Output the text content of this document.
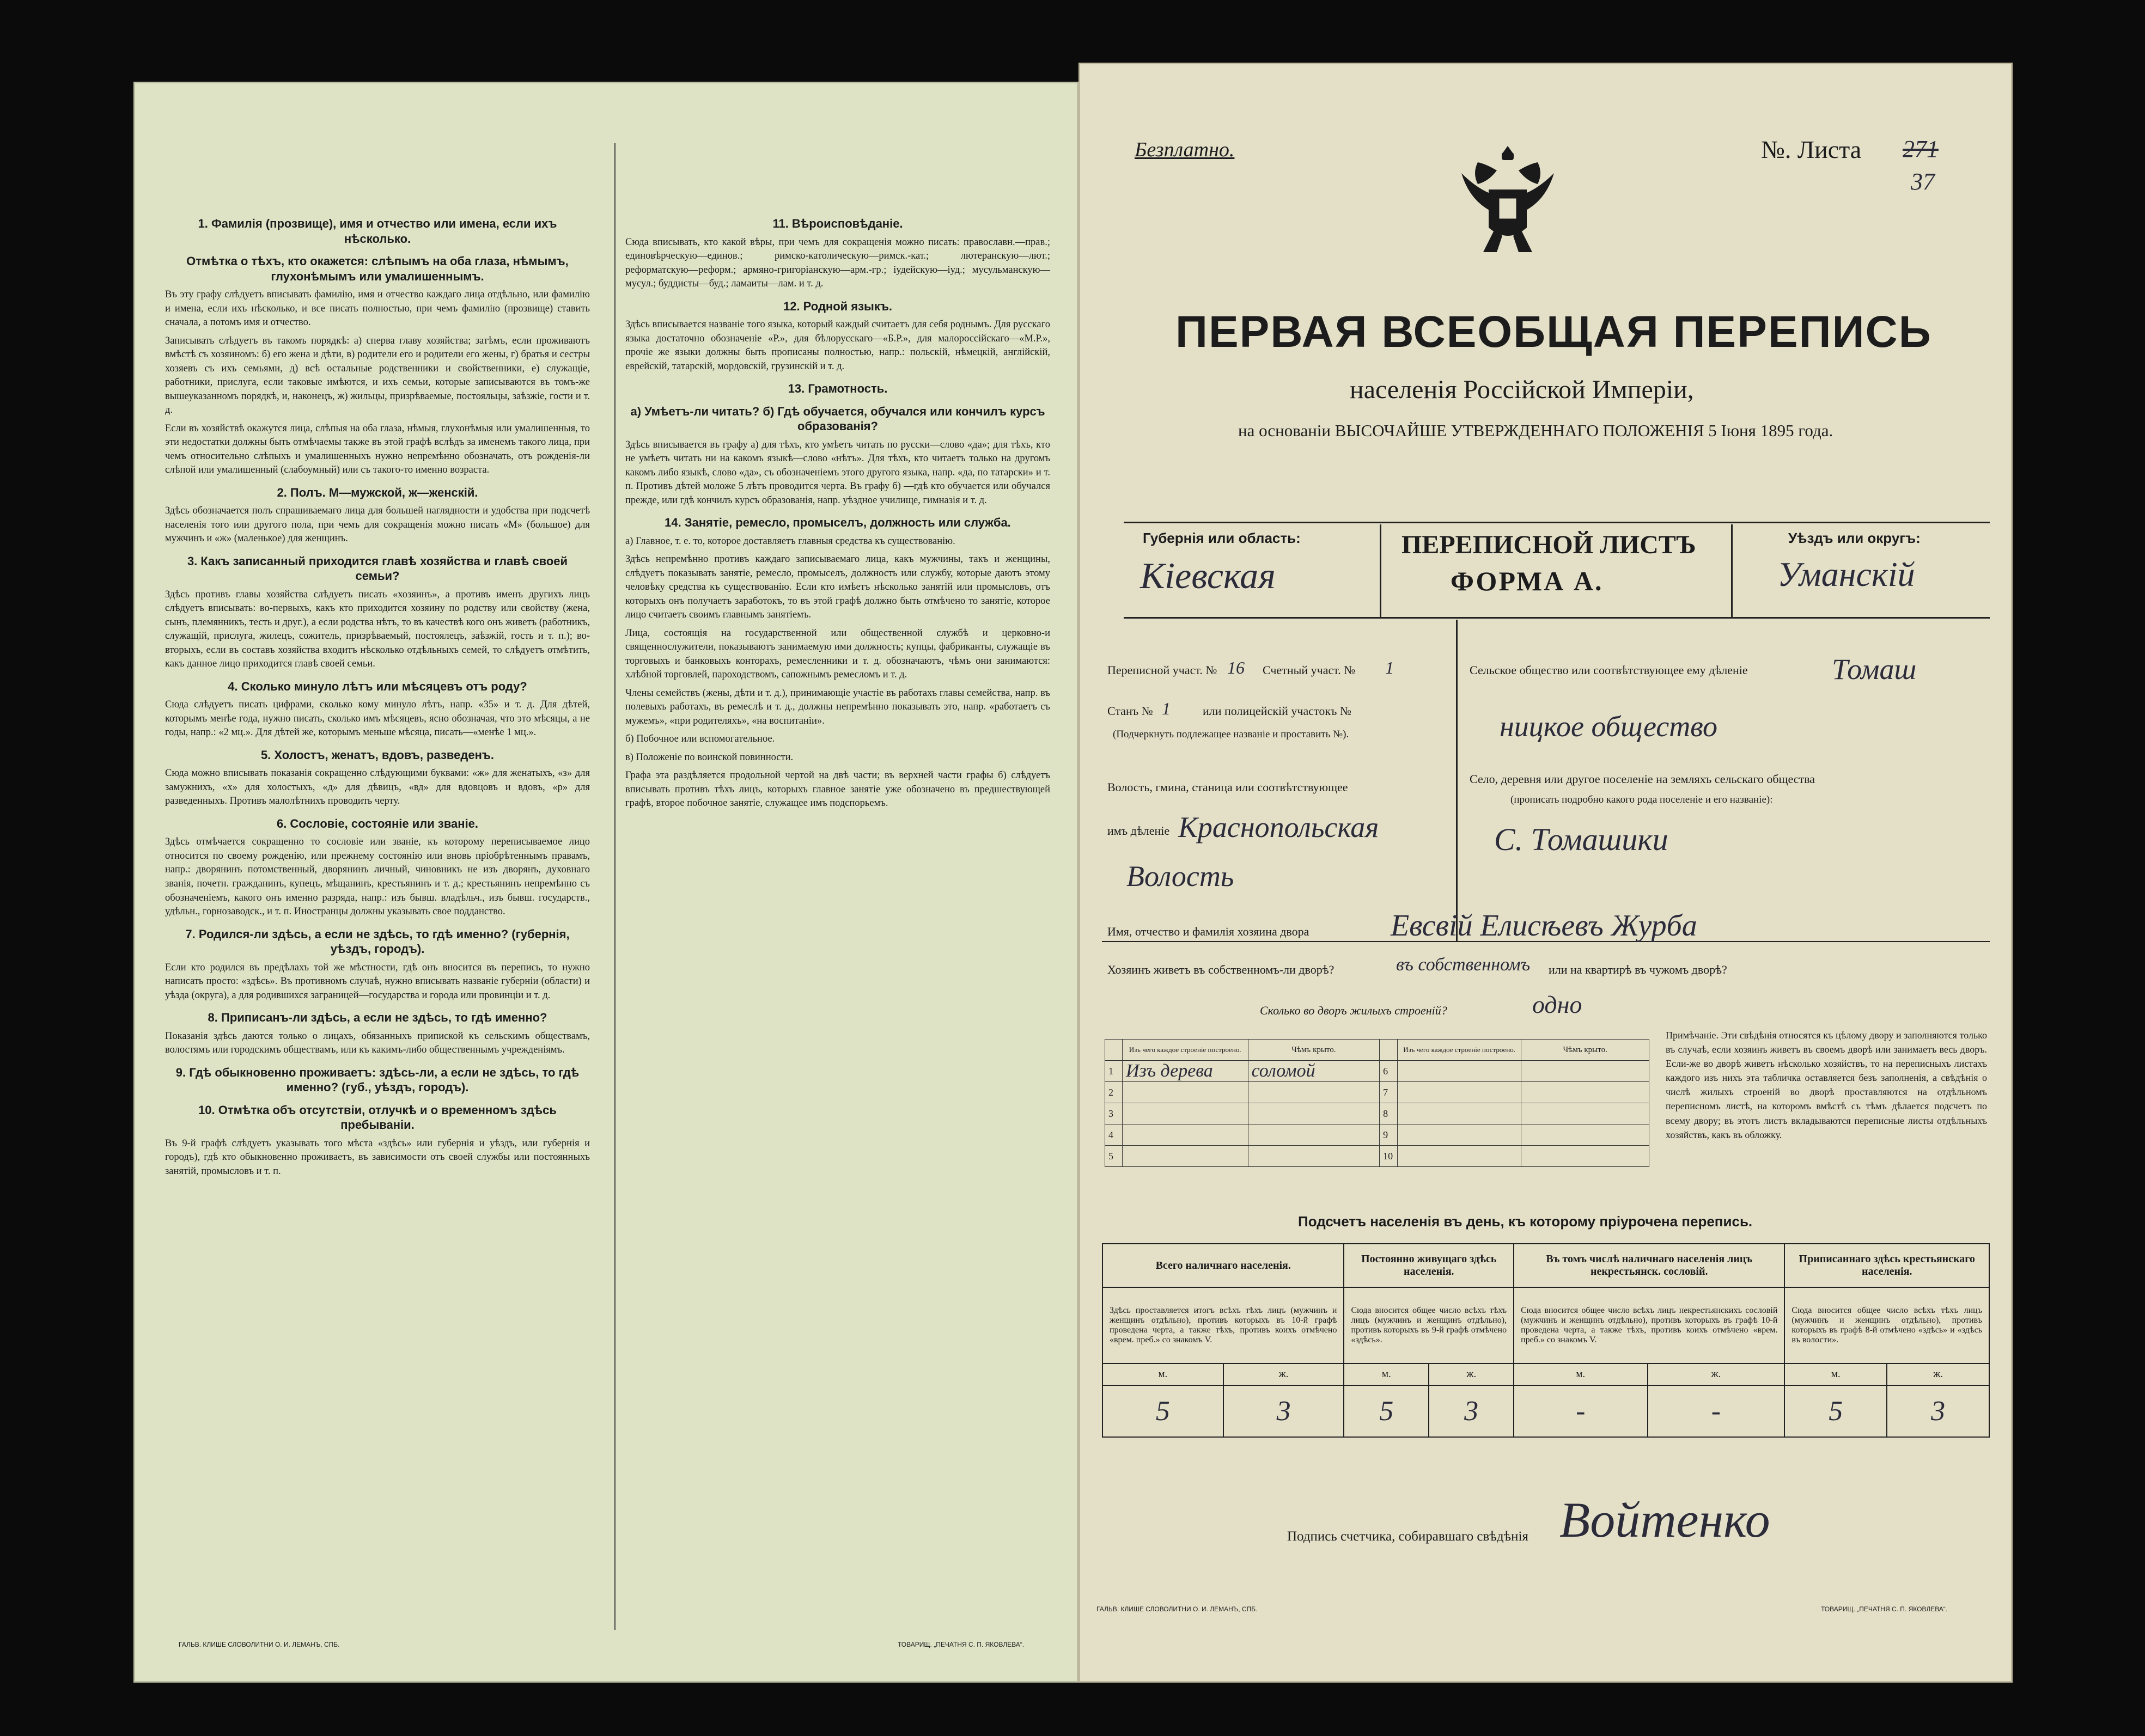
1. Фамилія (прозвище), имя и отчество или имена, если ихъ нѣсколько.
Отмѣтка о тѣхъ, кто окажется: слѣпымъ на оба глаза, нѣмымъ, глухонѣмымъ или умалишеннымъ.
Въ эту графу слѣдуетъ вписывать фамилію, имя и отчество каждаго лица отдѣльно, или фамилію и имена, если ихъ нѣсколько, и все писать полностью, при чемъ фамилію (прозвище) ставить сначала, а потомъ имя и отчество.
Записывать слѣдуетъ въ такомъ порядкѣ: а) сперва главу хозяйства; затѣмъ, если проживаютъ вмѣстѣ съ хозяиномъ: б) его жена и дѣти, в) родители его и родители его жены, г) братья и сестры хозяевъ съ ихъ семьями, д) всѣ остальные родственники и свойственники, е) служащіе, работники, прислуга, если таковые имѣются, и ихъ семьи, которые записываются въ томъ-же вышеуказанномъ порядкѣ, и, наконецъ, ж) жильцы, призрѣваемые, постояльцы, заѣзжіе, гости и т. д.
Если въ хозяйствѣ окажутся лица, слѣпыя на оба глаза, нѣмыя, глухонѣмыя или умалишенныя, то эти недостатки должны быть отмѣчаемы также въ этой графѣ вслѣдъ за именемъ такого лица, при чемъ относительно слѣпыхъ и умалишенныхъ нужно непремѣнно обозначать, отъ рожденія-ли слѣпой или умалишенный (слабоумный) или съ такого-то именно возраста.
2. Полъ. М—мужской, ж—женскій.
Здѣсь обозначается полъ спрашиваемаго лица для большей наглядности и удобства при подсчетѣ населенія того или другого пола, при чемъ для сокращенія можно писать «М» (большое) для мужчинъ и «ж» (маленькое) для женщинъ.
3. Какъ записанный приходится главѣ хозяйства и главѣ своей семьи?
Здѣсь противъ главы хозяйства слѣдуетъ писать «хозяинъ», а противъ именъ другихъ лицъ слѣдуетъ вписывать: во-первыхъ, какъ кто приходится хозяину по родству или свойству (жена, сынъ, племянникъ, тесть и друг.), а если родства нѣтъ, то въ качествѣ кого онъ живетъ (работникъ, служащій, прислуга, жилецъ, сожитель, призрѣваемый, постоялецъ, заѣзжій, гость и т. п.); во-вторыхъ, если въ составъ хозяйства входитъ нѣсколько отдѣльныхъ семей, то слѣдуетъ отмѣтить, какъ данное лицо приходится главѣ своей семьи.
4. Сколько минуло лѣтъ или мѣсяцевъ отъ роду?
Сюда слѣдуетъ писать цифрами, сколько кому минуло лѣтъ, напр. «35» и т. д. Для дѣтей, которымъ менѣе года, нужно писать, сколько имъ мѣсяцевъ, ясно обозначая, что это мѣсяцы, а не годы, напр.: «2 мц.». Для дѣтей же, которымъ меньше мѣсяца, писать—«менѣе 1 мц.».
5. Холостъ, женатъ, вдовъ, разведенъ.
Сюда можно вписывать показанія сокращенно слѣдующими буквами: «ж» для женатыхъ, «з» для замужнихъ, «х» для холостыхъ, «д» для дѣвицъ, «вд» для вдовцовъ и вдовъ, «р» для разведенныхъ. Противъ малолѣтнихъ проводить черту.
6. Сословіе, состояніе или званіе.
Здѣсь отмѣчается сокращенно то сословіе или званіе, къ которому переписываемое лицо относится по своему рожденію, или прежнему состоянію или вновь пріобрѣтеннымъ правамъ, напр.: дворянинъ потомственный, дворянинъ личный, чиновникъ не изъ дворянъ, духовнаго званія, почетн. гражданинъ, купецъ, мѣщанинъ, крестьянинъ и т. д.; крестьянинъ непремѣнно съ обозначеніемъ, какого онъ именно разряда, напр.: изъ бывш. владѣльч., изъ бывш. государств., удѣльн., горнозаводск., и т. п. Иностранцы должны указывать свое подданство.
7. Родился-ли здѣсь, а если не здѣсь, то гдѣ именно? (губернія, уѣздъ, городъ).
Если кто родился въ предѣлахъ той же мѣстности, гдѣ онъ вносится въ перепись, то нужно написать просто: «здѣсь». Въ противномъ случаѣ, нужно вписывать названіе губерніи (области) и уѣзда (округа), а для родившихся заграницей—государства и города или провинціи и т. д.
8. Приписанъ-ли здѣсь, а если не здѣсь, то гдѣ именно?
Показанія здѣсь даются только о лицахъ, обязанныхъ припиской къ сельскимъ обществамъ, волостямъ или городскимъ обществамъ, или къ какимъ-либо общественнымъ учрежденіямъ.
9. Гдѣ обыкновенно проживаетъ: здѣсь-ли, а если не здѣсь, то гдѣ именно? (губ., уѣздъ, городъ).
10. Отмѣтка объ отсутствіи, отлучкѣ и о временномъ здѣсь пребываніи.
Въ 9-й графѣ слѣдуетъ указывать того мѣста «здѣсь» или губернія и уѣздъ, или губернія и городъ), гдѣ кто обыкновенно проживаетъ, въ зависимости отъ своей службы или постоянныхъ занятій, промысловъ и т. п.
11. Вѣроисповѣданіе.
Сюда вписывать, кто какой вѣры, при чемъ для сокращенія можно писать: православн.—прав.; единовѣрческую—единов.; римско-католическую—римск.-кат.; лютеранскую—лют.; реформатскую—реформ.; армяно-григоріанскую—арм.-гр.; іудейскую—іуд.; мусульманскую—мусул.; буддисты—буд.; ламаиты—лам. и т. д.
12. Родной языкъ.
Здѣсь вписывается названіе того языка, который каждый считаетъ для себя роднымъ. Для русскаго языка достаточно обозначеніе «Р.», для бѣлорусскаго—«Б.Р.», для малороссійскаго—«М.Р.», прочіе же языки должны быть прописаны полностью, напр.: польскій, нѣмецкій, англійскій, еврейскій, татарскій, мордовскій, грузинскій и т. д.
13. Грамотность.
а) Умѣетъ-ли читать? б) Гдѣ обучается, обучался или кончилъ курсъ образованія?
Здѣсь вписывается въ графу а) для тѣхъ, кто умѣетъ читать по русски—слово «да»; для тѣхъ, кто не умѣетъ читать ни на какомъ языкѣ—слово «нѣтъ». Для тѣхъ, кто читаетъ только на другомъ какомъ либо языкѣ, слово «да», съ обозначеніемъ этого другого языка, напр. «да, по татарски» и т. п. Противъ дѣтей моложе 5 лѣтъ проводится черта. Въ графу б) —гдѣ кто обучается или обучался прежде, или гдѣ кончилъ курсъ образованія, напр. уѣздное училище, гимназія и т. д.
14. Занятіе, ремесло, промыселъ, должность или служба.
а) Главное, т. е. то, которое доставляетъ главныя средства къ существованію.
Здѣсь непремѣнно противъ каждаго записываемаго лица, какъ мужчины, такъ и женщины, слѣдуетъ показывать занятіе, ремесло, промыселъ, должность или службу, которые даютъ этому человѣку средства къ существованію. Если кто имѣетъ нѣсколько занятій или промысловъ, отъ которыхъ онъ получаетъ заработокъ, то въ этой графѣ должно быть отмѣчено то занятіе, которое лицо считаетъ своимъ главнымъ занятіемъ.
Лица, состоящія на государственной или общественной службѣ и церковно-и священнослужители, показываютъ занимаемую ими должность; купцы, фабриканты, служащіе въ торговыхъ и банковыхъ конторахъ, ремесленники и т. д. обозначаютъ, чѣмъ они занимаются: хлѣбной торговлей, пароходствомъ, сапожнымъ ремесломъ и т. д.
Члены семействъ (жены, дѣти и т. д.), принимающіе участіе въ работахъ главы семейства, напр. въ полевыхъ работахъ, въ ремеслѣ и т. д., должны непремѣнно показывать это, напр. «работаетъ съ мужемъ», «при родителяхъ», «на воспитаніи».
б) Побочное или вспомогательное.
в) Положеніе по воинской повинности.
Графа эта раздѣляется продольной чертой на двѣ части; въ верхней части графы б) слѣдуетъ вписывать противъ тѣхъ лицъ, которыхъ главное занятіе уже обозначено въ предшествующей графѣ, второе побочное занятіе, служащее имъ подспорьемъ.
ГАЛЬВ. КЛИШЕ СЛОВОЛИТНИ О. И. ЛЕМАНЪ, СПБ.	ТОВАРИЩ. „ПЕЧАТНЯ С. П. ЯКОВЛЕВА“.
Безплатно.	№. Листа 271
37
ПЕРВАЯ ВСЕОБЩАЯ ПЕРЕПИСЬ
населенія Россійской Имперіи,
на основаніи ВЫСОЧАЙШЕ УТВЕРЖДЕННАГО ПОЛОЖЕНІЯ 5 Іюня 1895 года.
Губернія или область:
Кіевская
ПЕРЕПИСНОЙ ЛИСТЪ
ФОРМА А.
Уѣздъ или округъ:
Уманскій
Переписной участ. № 16 Счетный участ. № 1
Станъ № 1	или полицейскій участокъ №
(Подчеркнуть подлежащее названіе и проставить №).
Волость, гмина, станица или соотвѣтствующее
имъ дѣленіе Краснопольская
Волость
Сельское общество или соотвѣтствующее ему дѣленіе	Томаш
ницкое общество
Село, деревня или другое поселеніе на земляхъ сельскаго общества
(прописать подробно какого рода поселеніе и его названіе):
С. Томашики
Имя, отчество и фамилія хозяина двора	Евсвій Елисѣевъ Журба
Хозяинъ живетъ въ собственномъ-ли дворѣ?	въ собственномъ или на квартирѣ въ чужомъ дворѣ?
Сколько во дворъ жилыхъ строеній?	одно
	Изъ чего каждое строеніе построено.	Чѣмъ крыто.		Изъ чего каждое строеніе построено.	Чѣмъ крыто.
1	Изъ дерева	соломой	6		
2			7		
3			8		
4			9		
5			10		
Примѣчаніе. Эти свѣдѣнія относятся къ цѣлому двору и заполняются только въ случаѣ, если хозяинъ живетъ въ своемъ дворѣ или занимаетъ весь дворъ. Если-же во дворѣ живетъ нѣсколько хозяйствъ, то на переписныхъ листахъ каждого изъ нихъ эта табличка оставляется безъ заполненія, а свѣдѣнія о числѣ жилыхъ строеній во дворѣ проставляются на отдѣльномъ переписномъ листѣ, на которомъ вмѣстѣ съ тѣмъ дѣлается подсчетъ по всему двору; въ этотъ листъ вкладываются переписные листы отдѣльныхъ хозяйствъ, какъ въ обложку.
Подсчетъ населенія въ день, къ которому пріурочена перепись.
Всего наличнаго населенія.		Постоянно живущаго здѣсь населенія.		Въ томъ числѣ наличнаго населенія лицъ некрестьянск. сословій.		Приписаннаго здѣсь крестьянскаго населенія.	
Здѣсь проставляется итогъ всѣхъ тѣхъ лицъ (мужчинъ и женщинъ отдѣльно), противъ которыхъ въ 10-й графѣ проведена черта, а также тѣхъ, противъ коихъ отмѣчено «врем. преб.» со знакомъ V.		Сюда вносится общее число всѣхъ тѣхъ лицъ (мужчинъ и женщинъ отдѣльно), противъ которыхъ въ 9-й графѣ отмѣчено «здѣсь».		Сюда вносится общее число всѣхъ лицъ некрестьянскихъ сословій (мужчинъ и женщинъ отдѣльно), противъ которыхъ въ графѣ 10-й проведена черта, а также тѣхъ, противъ коихъ отмѣчено «врем. преб.» со знакомъ V.		Сюда вносится общее число всѣхъ тѣхъ лицъ (мужчинъ и женщинъ отдѣльно), противъ которыхъ въ графѣ 8-й отмѣчено «здѣсь» и «здѣсь въ волости».	
м.	ж.	м.	ж.	м.	ж.	м.	ж.
5	3	5	3	-	-	5	3
Подпись счетчика, собиравшаго свѣдѣнія Войтенко
ГАЛЬВ. КЛИШЕ СЛОВОЛИТНИ О. И. ЛЕМАНЪ, СПБ.	ТОВАРИЩ. „ПЕЧАТНЯ С. П. ЯКОВЛЕВА“.
